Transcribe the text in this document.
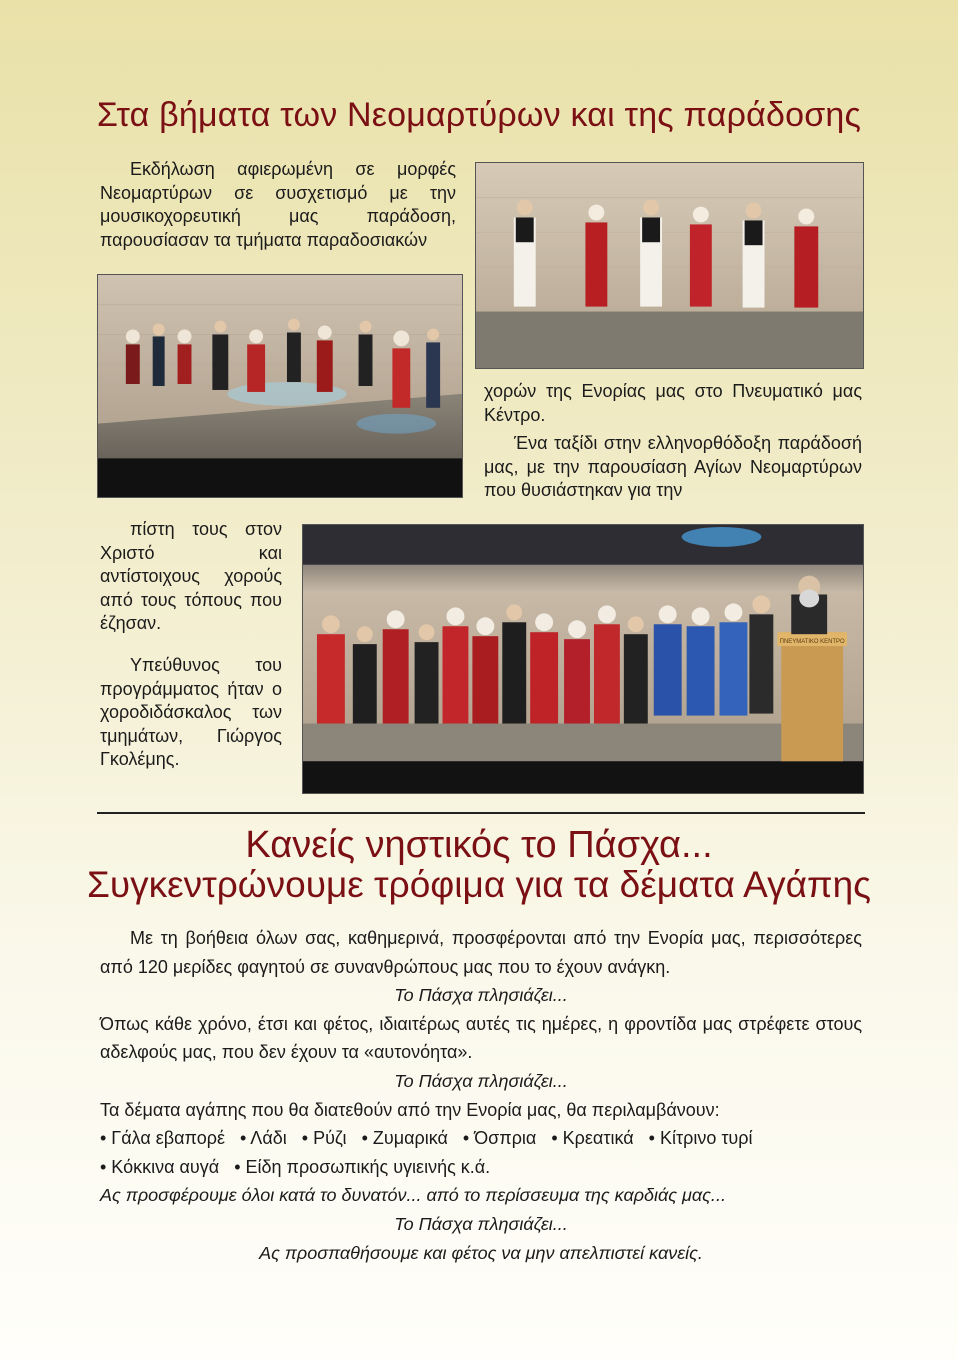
Στα βήματα των Νεομαρτύρων και της παράδοσης

Εκδήλωση αφιερωμένη σε μορφές Νεομαρτύρων σε συσχετισμό με την μουσικοχορευτική μας παράδοση, παρουσίασαν τα τμήματα παραδοσιακών

χορών της Ενορίας μας στο Πνευματικό μας Κέντρο.

Ένα ταξίδι στην ελληνορθόδοξη παράδοσή μας, με την παρουσίαση Αγίων Νεομαρτύρων που θυσιάστηκαν για την

πίστη τους στον Χριστό και αντίστοιχους χορούς από τους τόπους που έζησαν.

Υπεύθυνος του προγράμματος ήταν ο χοροδιδάσκαλος των τμημάτων, Γιώργος Γκολέμης.

ΠΝΕΥΜΑΤΙΚΟ ΚΕΝΤΡΟ
Κανείς νηστικός το Πάσχα...
Συγκεντρώνουμε τρόφιμα για τα δέματα Αγάπης

Με τη βοήθεια όλων σας, καθημερινά, προσφέρονται από την Ενορία μας, περισσότερες από 120 μερίδες φαγητού σε συνανθρώπους μας που το έχουν ανάγκη.

Το Πάσχα πλησιάζει...

Όπως κάθε χρόνο, έτσι και φέτος, ιδιαιτέρως αυτές τις ημέρες, η φροντίδα μας στρέφετε στους αδελφούς μας, που δεν έχουν τα «αυτονόητα».

Το Πάσχα πλησιάζει...

Τα δέματα αγάπης που θα διατεθούν από την Ενορία μας, θα περιλαμβάνουν:

• Γάλα εβαπορέ • Λάδι • Ρύζι • Ζυμαρικά • Όσπρια • Κρεατικά • Κίτρινο τυρί

• Κόκκινα αυγά • Είδη προσωπικής υγιεινής κ.ά.

Ας προσφέρουμε όλοι κατά το δυνατόν... από το περίσσευμα της καρδιάς μας...

Το Πάσχα πλησιάζει...

Ας προσπαθήσουμε και φέτος να μην απελπιστεί κανείς.
